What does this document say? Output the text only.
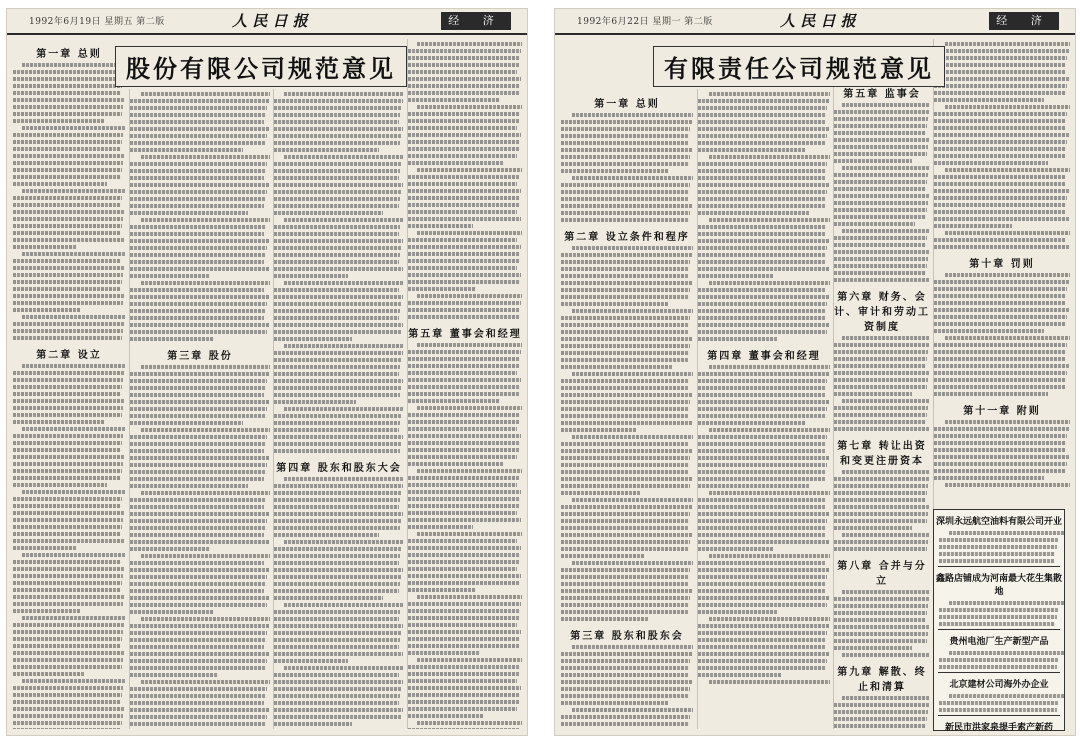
1992年6月19日 星期五 第二版	人 民 日 报	经 济
股份有限公司规范意见
第一章 总则
第二章 设立	第三章 股份
第四章 股东和股东大会
第五章 董事会和经理
1992年6月22日 星期一 第二版	人 民 日 报	经 济
有限责任公司规范意见
第一章 总则
第二章 设立条件和程序
第三章 股东和股东会
第四章 董事会和经理
第五章 监事会
第六章 财务、会计、审计和劳动工资制度
第七章 转让出资和变更注册资本
第八章 合并与分立
第九章 解散、终止和清算
第十章 罚则
第十一章 附则
深圳永远航空油料有限公司开业
鑫路店铺成为河南最大花生集散地
贵州电池厂生产新型产品
北京建材公司海外办企业
新民市洪家泉提手索产新药
